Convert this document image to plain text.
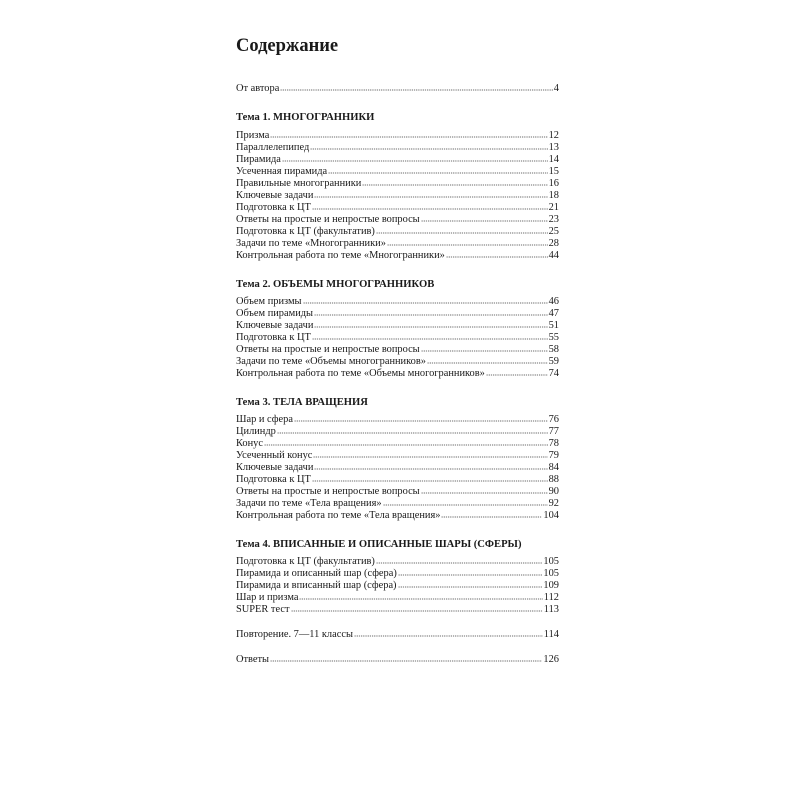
Содержание
От автора	4
Тема 1. МНОГОГРАННИКИ
Призма	12
Параллелепипед	13
Пирамида	14
Усеченная пирамида	15
Правильные многогранники	16
Ключевые задачи	18
Подготовка к ЦТ	21
Ответы на простые и непростые вопросы	23
Подготовка к ЦТ (факультатив)	25
Задачи по теме «Многогранники»	28
Контрольная работа по теме «Многогранники»	44
Тема 2. ОБЪЕМЫ МНОГОГРАННИКОВ
Объем призмы	46
Объем пирамиды	47
Ключевые задачи	51
Подготовка к ЦТ	55
Ответы на простые и непростые вопросы	58
Задачи по теме «Объемы многогранников»	59
Контрольная работа по теме «Объемы многогранников»	74
Тема 3. ТЕЛА ВРАЩЕНИЯ
Шар и сфера	76
Цилиндр	77
Конус	78
Усеченный конус	79
Ключевые задачи	84
Подготовка к ЦТ	88
Ответы на простые и непростые вопросы	90
Задачи по теме «Тела вращения»	92
Контрольная работа по теме «Тела вращения»	104
Тема 4. ВПИСАННЫЕ И ОПИСАННЫЕ ШАРЫ (СФЕРЫ)
Подготовка к ЦТ (факультатив)	105
Пирамида и описанный шар (сфера)	105
Пирамида и вписанный шар (сфера)	109
Шар и призма	112
SUPER тест	113
Повторение. 7—11 классы	114
Ответы	126
